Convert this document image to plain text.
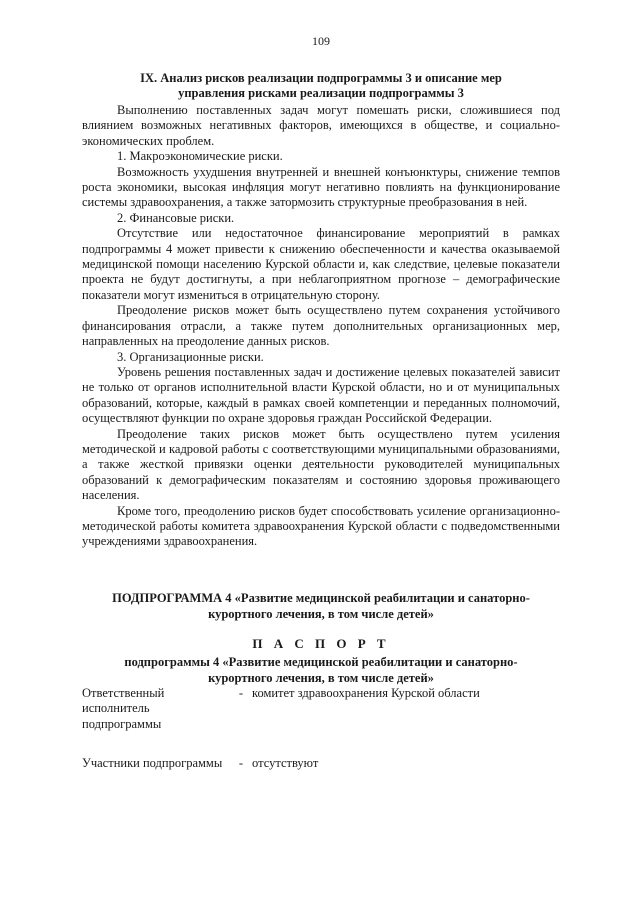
109
IX. Анализ рисков реализации подпрограммы 3 и описание мер
управления рисками реализации подпрограммы 3

Выполнению поставленных задач могут помешать риски, сложившиеся под влиянием возможных негативных факторов, имеющихся в обществе, и социально-экономических проблем.

1. Макроэкономические риски.

Возможность ухудшения внутренней и внешней конъюнктуры, снижение темпов роста экономики, высокая инфляция могут негативно повлиять на функционирование системы здравоохранения, а также затормозить структурные преобразования в ней.

2. Финансовые риски.

Отсутствие или недостаточное финансирование мероприятий в рамках подпрограммы 4 может привести к снижению обеспеченности и качества оказываемой медицинской помощи населению Курской области и, как следствие, целевые показатели проекта не будут достигнуты, а при неблагоприятном прогнозе – демографические показатели могут измениться в отрицательную сторону.

Преодоление рисков может быть осуществлено путем сохранения устойчивого финансирования отрасли, а также путем дополнительных организационных мер, направленных на преодоление данных рисков.

3. Организационные риски.

Уровень решения поставленных задач и достижение целевых показателей зависит не только от органов исполнительной власти Курской области, но и от муниципальных образований, которые, каждый в рамках своей компетенции и переданных полномочий, осуществляют функции по охране здоровья граждан Российской Федерации.

Преодоление таких рисков может быть осуществлено путем усиления методической и кадровой работы с соответствующими муниципальными образованиями, а также жесткой привязки оценки деятельности руководителей муниципальных образований к демографическим показателям и состоянию здоровья проживающего населения.

Кроме того, преодолению рисков будет способствовать усиление организационно-методической работы комитета здравоохранения Курской области с подведомственными учреждениями здравоохранения.

ПОДПРОГРАММА 4 «Развитие медицинской реабилитации и санаторно-
курортного лечения, в том числе детей»
П А С П О Р Т
подпрограммы 4 «Развитие медицинской реабилитации и санаторно-
курортного лечения, в том числе детей»
Ответственный исполнитель подпрограммы	-	комитет здравоохранения Курской области

Участники подпрограммы	-	отсутствуют
